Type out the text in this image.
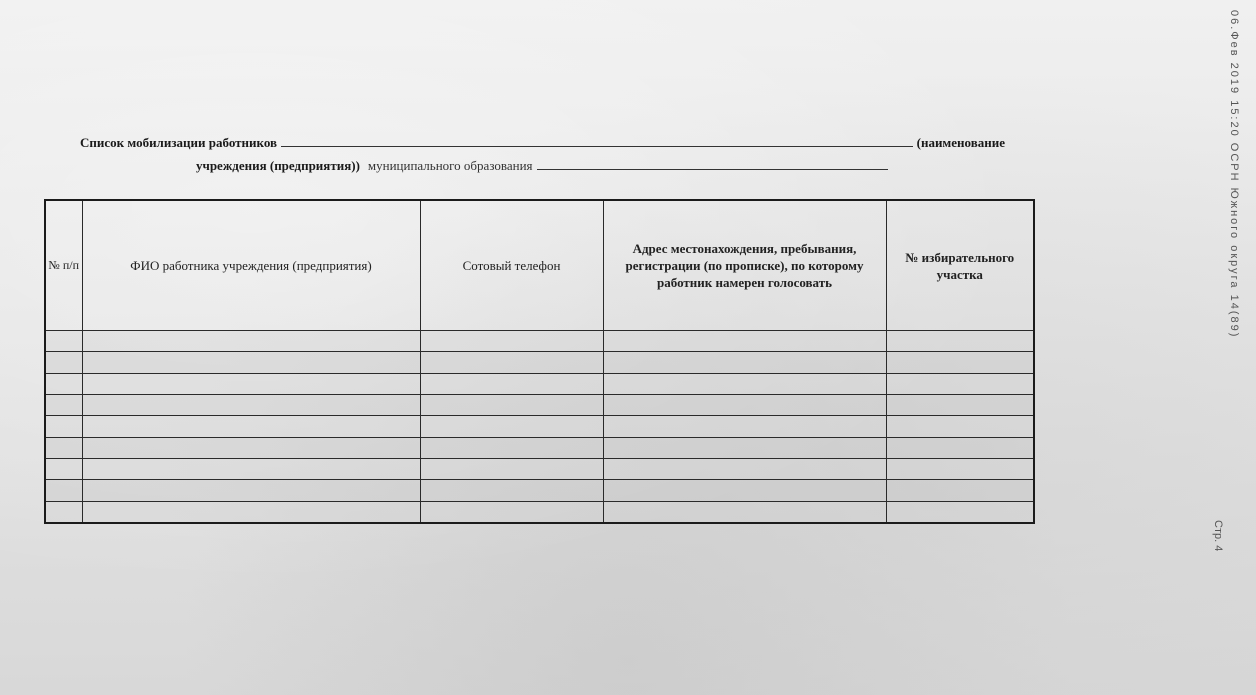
Список мобилизации работников	(наименование
учреждения (предприятия)) муниципального образования
№ п/п	ФИО работника учреждения (предприятия)	Сотовый телефон	Адрес местонахождения, пребывания, регистрации (по прописке), по которому работник намерен голосовать	№ избирательного участка

					06.Фев 2019 15:20 ОСРН Южного округа 14(89)
Стр. 4
